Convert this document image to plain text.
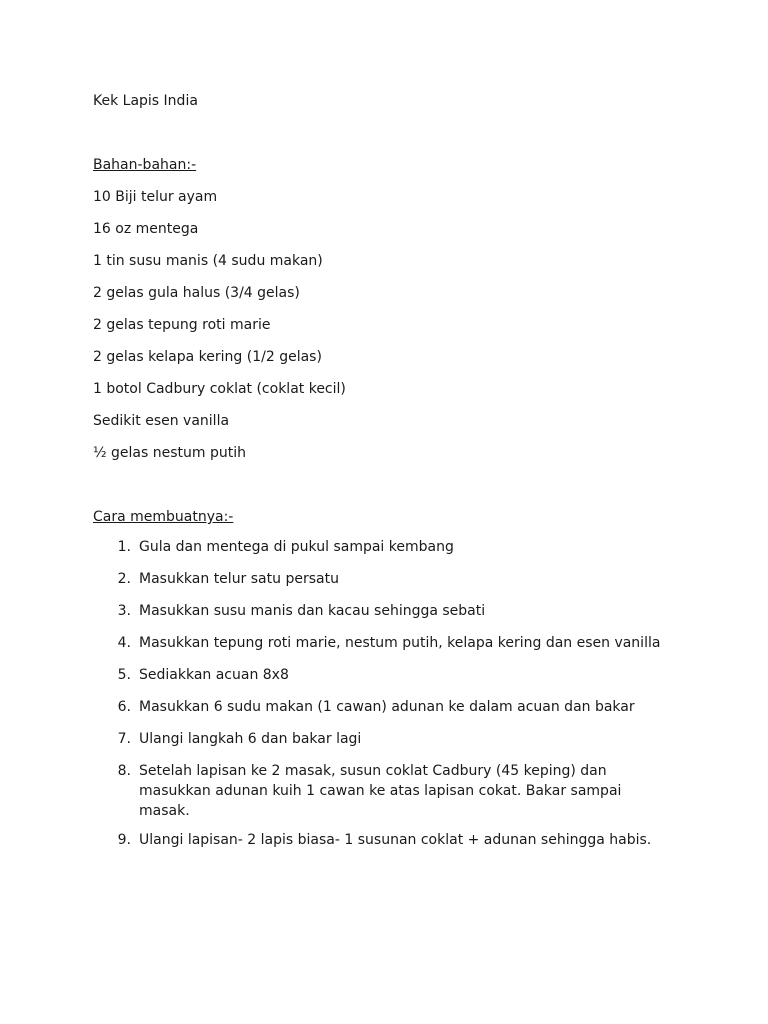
Kek Lapis India
Bahan-bahan:-
10 Biji telur ayam
16 oz mentega
1 tin susu manis (4 sudu makan)
2 gelas gula halus (3/4 gelas)
2 gelas tepung roti marie
2 gelas kelapa kering (1/2 gelas)
1 botol Cadbury coklat (coklat kecil)
Sedikit esen vanilla
½ gelas nestum putih
Cara membuatnya:-
1. Gula dan mentega di pukul sampai kembang
2. Masukkan telur satu persatu
3. Masukkan susu manis dan kacau sehingga sebati
4. Masukkan tepung roti marie, nestum putih, kelapa kering dan esen vanilla
5. Sediakkan acuan 8x8
6. Masukkan 6 sudu makan (1 cawan) adunan ke dalam acuan dan bakar
7. Ulangi langkah 6 dan bakar lagi
8. Setelah lapisan ke 2 masak, susun coklat Cadbury (45 keping) dan masukkan adunan kuih 1 cawan ke atas lapisan cokat. Bakar sampai masak.
9. Ulangi lapisan- 2 lapis biasa- 1 susunan coklat + adunan sehingga habis.
